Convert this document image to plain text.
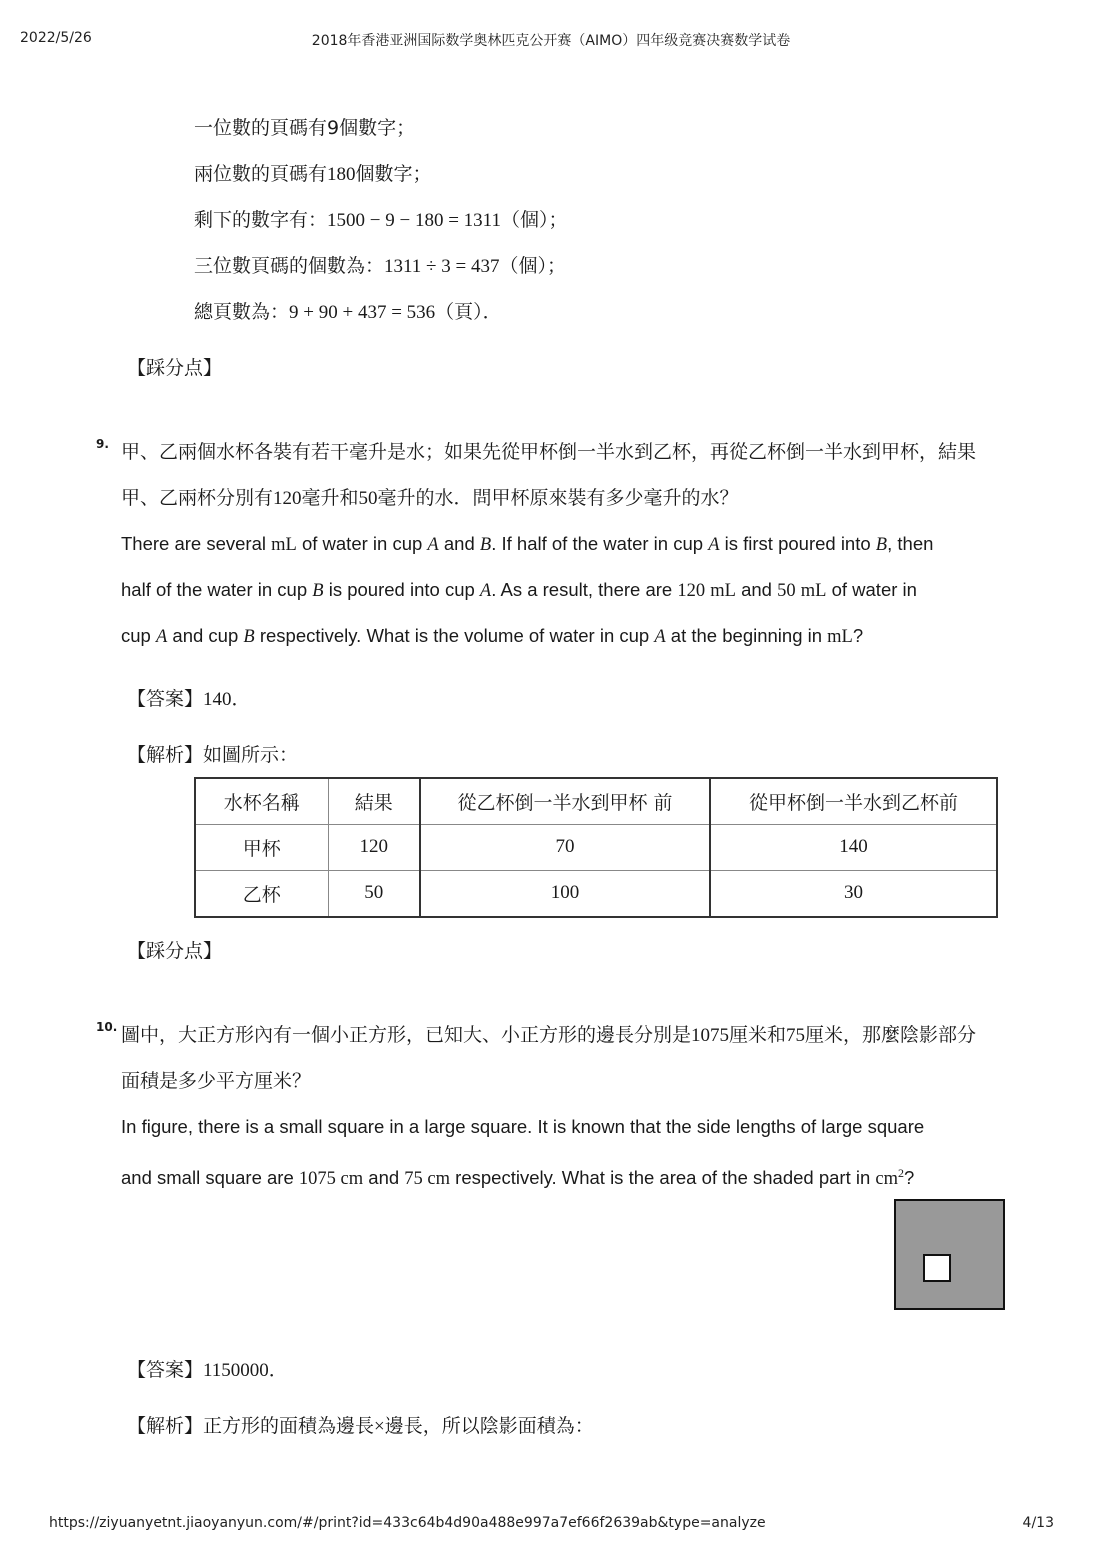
2022/5/26	2018年香港亚洲国际数学奥林匹克公开赛（AIMO）四年级竞赛决赛数学试卷
一位數的頁碼有9個數字；
兩位數的頁碼有180個數字；
剩下的數字有：1500 − 9 − 180 = 1311（個）；
三位數頁碼的個數為：1311 ÷ 3 = 437（個）；
總頁數為：9 + 90 + 437 = 536（頁）．
【踩分点】
9. 甲、乙兩個水杯各裝有若干毫升是水；如果先從甲杯倒一半水到乙杯，再從乙杯倒一半水到甲杯，結果
甲、乙兩杯分別有120毫升和50毫升的水．問甲杯原來裝有多少毫升的水？
There are several mL of water in cup A and B. If half of the water in cup A is first poured into B, then
half of the water in cup B is poured into cup A. As a result, there are 120 mL and 50 mL of water in
cup A and cup B respectively. What is the volume of water in cup A at the beginning in mL?
【答案】140．
【解析】如圖所示：
水杯名稱	結果	從乙杯倒一半水到甲杯 前	從甲杯倒一半水到乙杯前
甲杯	120	70	140
乙杯	50	100	30
【踩分点】
10. 圖中，大正方形內有一個小正方形，已知大、小正方形的邊長分別是1075厘米和75厘米，那麼陰影部分
面積是多少平方厘米？
In figure, there is a small square in a large square. It is known that the side lengths of large square
and small square are 1075 cm and 75 cm respectively. What is the area of the shaded part in $cm^2$?
【答案】1150000．
【解析】正方形的面積為邊長×邊長，所以陰影面積為：
https://ziyuanyetnt.jiaoyanyun.com/#/print?id=433c64b4d90a488e997a7ef66f2639ab&type=analyze	4/13
